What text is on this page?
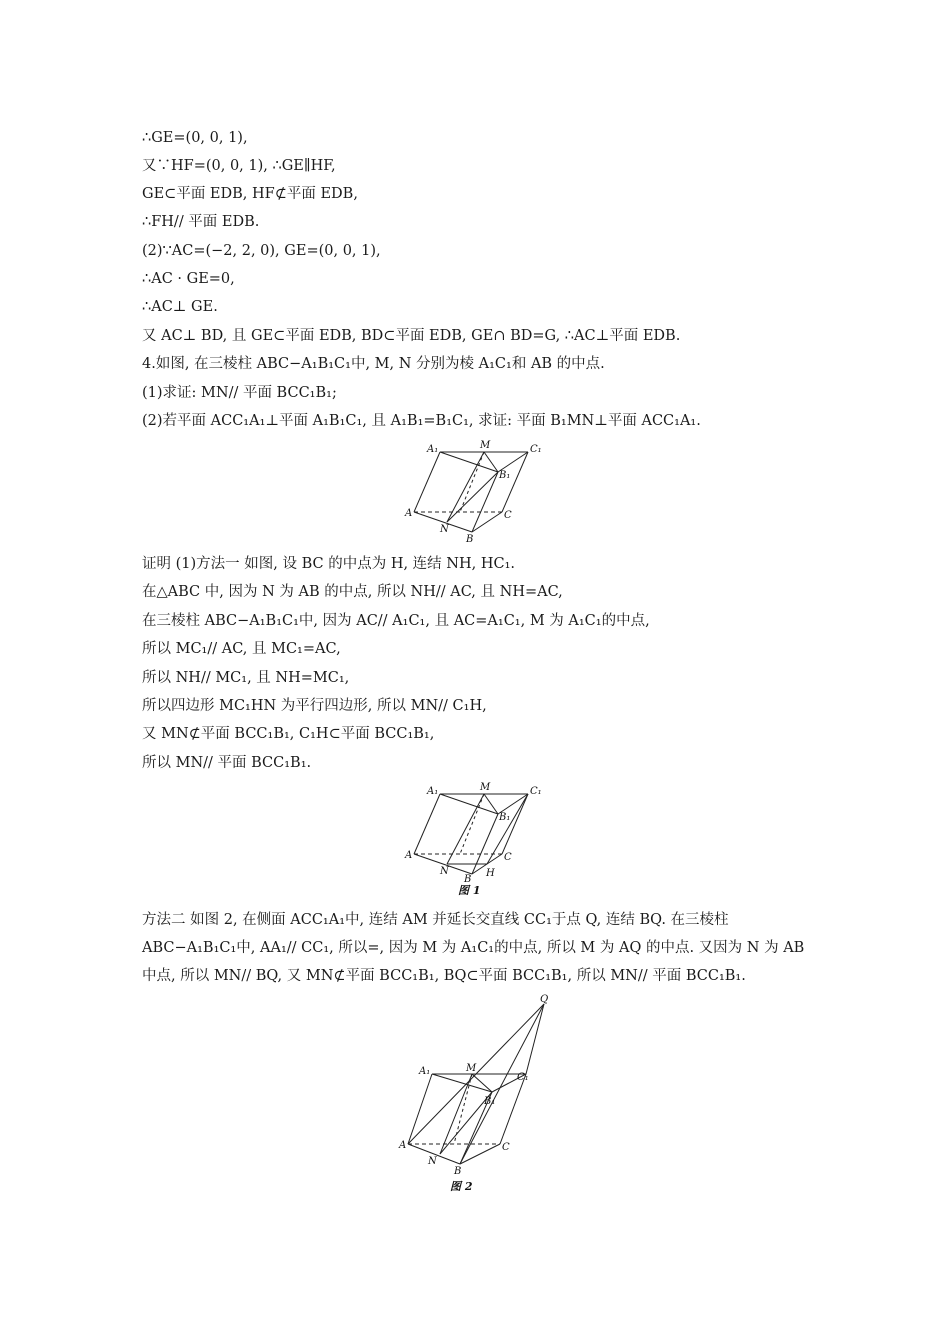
∴GE=(0, 0, 1),
又∵HF=(0, 0, 1), ∴GE∥HF,
GE⊂平面 EDB, HF⊄平面 EDB,
∴FH// 平面 EDB.
(2)∵AC=(−2, 2, 0), GE=(0, 0, 1),
∴AC · GE=0,
∴AC⊥ GE.
又 AC⊥ BD, 且 GE⊂平面 EDB, BD⊂平面 EDB, GE∩ BD=G, ∴AC⊥平面 EDB.
4.如图, 在三棱柱 ABC−A₁B₁C₁中, M, N 分别为棱 A₁C₁和 AB 的中点.
(1)求证: MN// 平面 BCC₁B₁;
(2)若平面 ACC₁A₁⊥平面 A₁B₁C₁, 且 A₁B₁=B₁C₁, 求证: 平面 B₁MN⊥平面 ACC₁A₁.
A₁	M	C₁
B₁
A	C
N
B
证明 (1)方法一 如图, 设 BC 的中点为 H, 连结 NH, HC₁.
在△ABC 中, 因为 N 为 AB 的中点, 所以 NH// AC, 且 NH=AC,
在三棱柱 ABC−A₁B₁C₁中, 因为 AC// A₁C₁, 且 AC=A₁C₁, M 为 A₁C₁的中点,
所以 MC₁// AC, 且 MC₁=AC,
所以 NH// MC₁, 且 NH=MC₁,
所以四边形 MC₁HN 为平行四边形, 所以 MN// C₁H,
又 MN⊄平面 BCC₁B₁, C₁H⊂平面 BCC₁B₁,
所以 MN// 平面 BCC₁B₁.
A₁	M	C₁
B₁
A	C
N
B
H
图 1
方法二 如图 2, 在侧面 ACC₁A₁中, 连结 AM 并延长交直线 CC₁于点 Q, 连结 BQ. 在三棱柱 ABC−A₁B₁C₁中, AA₁// CC₁, 所以=, 因为 M 为 A₁C₁的中点, 所以 M 为 AQ 的中点. 又因为 N 为 AB 中点, 所以 MN// BQ, 又 MN⊄平面 BCC₁B₁, BQ⊂平面 BCC₁B₁, 所以 MN// 平面 BCC₁B₁.
Q
A₁	M
C₁
B₁
A	C
N
B
图 2
